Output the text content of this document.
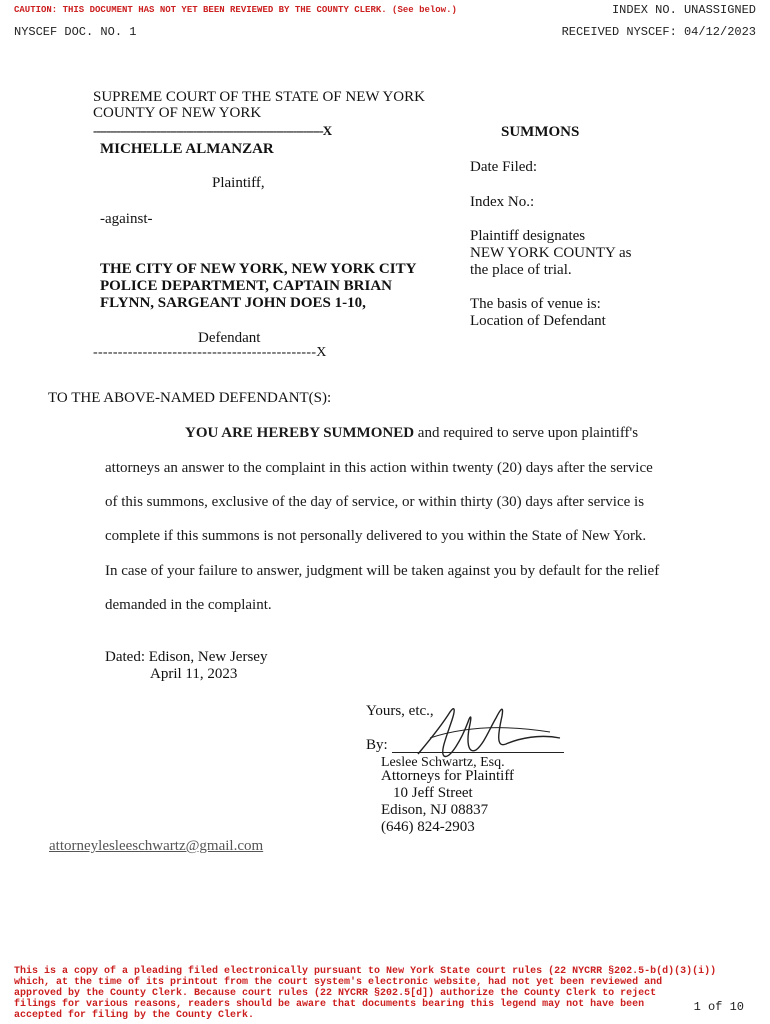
CAUTION: THIS DOCUMENT HAS NOT YET BEEN REVIEWED BY THE COUNTY CLERK. (See below.)	INDEX NO. UNASSIGNED
NYSCEF DOC. NO. 1	RECEIVED NYSCEF: 04/12/2023
SUPREME COURT OF THE STATE OF NEW YORK
COUNTY OF NEW YORK
---------------------------------------------------------------------X
MICHELLE ALMANZAR
Plaintiff,
-against-
THE CITY OF NEW YORK, NEW YORK CITY
POLICE DEPARTMENT, CAPTAIN BRIAN
FLYNN, SARGEANT JOHN DOES 1-10,
Defendant
---------------------------------------------X
SUMMONS
Date Filed:
Index No.:
Plaintiff designates
NEW YORK COUNTY as
the place of trial.
The basis of venue is:
Location of Defendant
TO THE ABOVE-NAMED DEFENDANT(S):
YOU ARE HEREBY SUMMONED and required to serve upon plaintiff's
attorneys an answer to the complaint in this action within twenty (20) days after the service
of this summons, exclusive of the day of service, or within thirty (30) days after service is
complete if this summons is not personally delivered to you within the State of New York.
In case of your failure to answer, judgment will be taken against you by default for the relief
demanded in the complaint.
Dated: Edison, New Jersey
April 11, 2023
Yours, etc.,
By:
Leslee Schwartz, Esq.
Attorneys for Plaintiff
10 Jeff Street
Edison, NJ 08837
(646) 824-2903
attorneylesleeschwartz@gmail.com
This is a copy of a pleading filed electronically pursuant to New York State court rules (22 NYCRR §202.5-b(d)(3)(i))
which, at the time of its printout from the court system's electronic website, had not yet been reviewed and
approved by the County Clerk. Because court rules (22 NYCRR §202.5[d]) authorize the County Clerk to reject
filings for various reasons, readers should be aware that documents bearing this legend may not have been
accepted for filing by the County Clerk.
1 of 10
